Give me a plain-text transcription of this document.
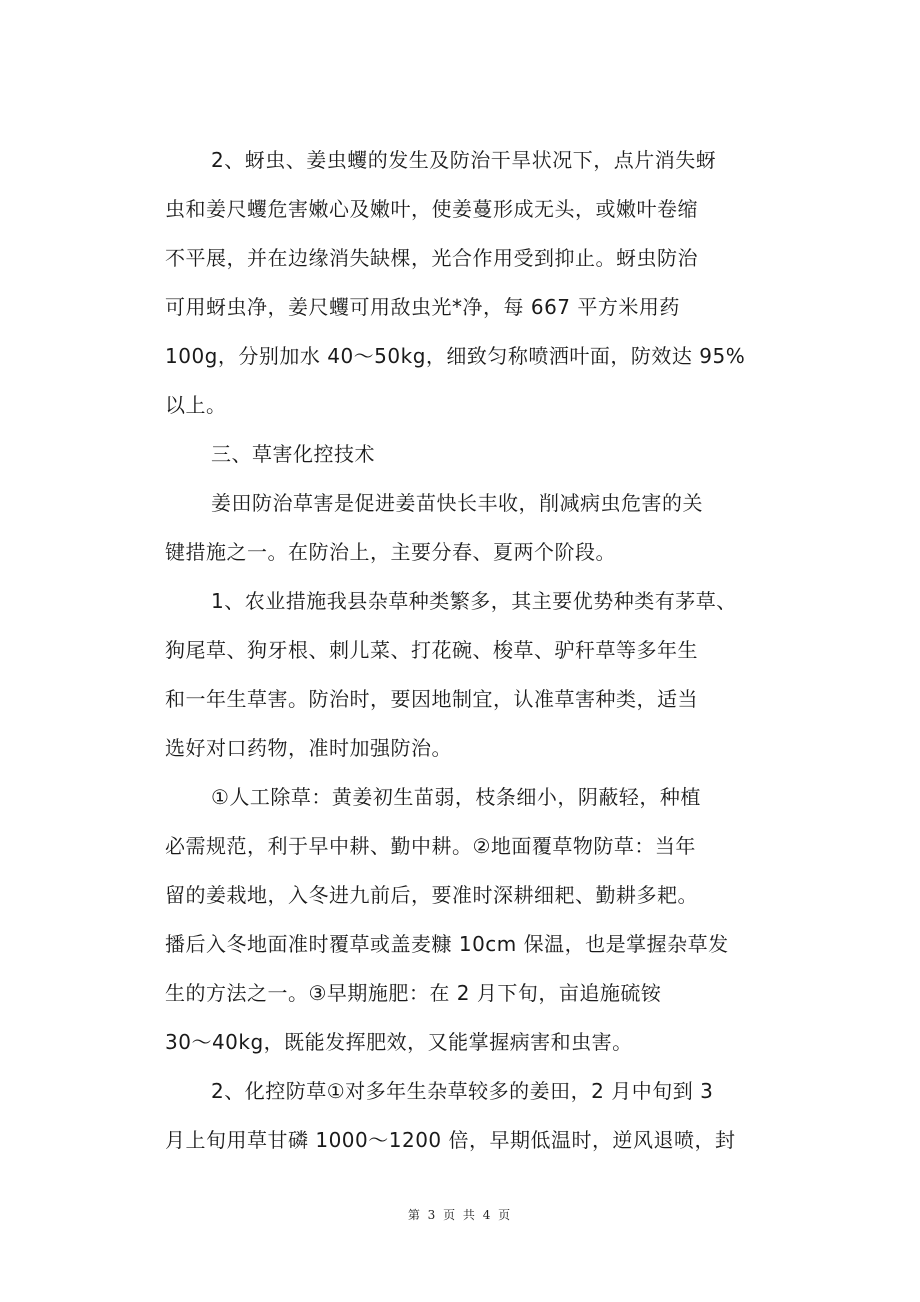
2、蚜虫、姜虫蠼的发生及防治干旱状况下，点片消失蚜
虫和姜尺蠼危害嫩心及嫩叶，使姜蔓形成无头，或嫩叶卷缩
不平展，并在边缘消失缺棵，光合作用受到抑止。蚜虫防治
可用蚜虫净，姜尺蠼可用敌虫光*净，每 667 平方米用药
100g，分别加水 40～50kg，细致匀称喷洒叶面，防效达 95%
以上。
三、草害化控技术
姜田防治草害是促进姜苗快长丰收，削减病虫危害的关
键措施之一。在防治上，主要分春、夏两个阶段。
1、农业措施我县杂草种类繁多，其主要优势种类有茅草、
狗尾草、狗牙根、刺儿菜、打花碗、梭草、驴秆草等多年生
和一年生草害。防治时，要因地制宜，认准草害种类，适当
选好对口药物，准时加强防治。
①人工除草：黄姜初生苗弱，枝条细小，阴蔽轻，种植
必需规范，利于早中耕、勤中耕。②地面覆草物防草：当年
留的姜栽地，入冬进九前后，要准时深耕细耙、勤耕多耙。
播后入冬地面准时覆草或盖麦糠 10cm 保温，也是掌握杂草发
生的方法之一。③早期施肥：在 2 月下旬，亩追施硫铵
30～40kg，既能发挥肥效，又能掌握病害和虫害。
2、化控防草①对多年生杂草较多的姜田，2 月中旬到 3
月上旬用草甘磷 1000～1200 倍，早期低温时，逆风退喷，封
第 3 页 共 4 页
